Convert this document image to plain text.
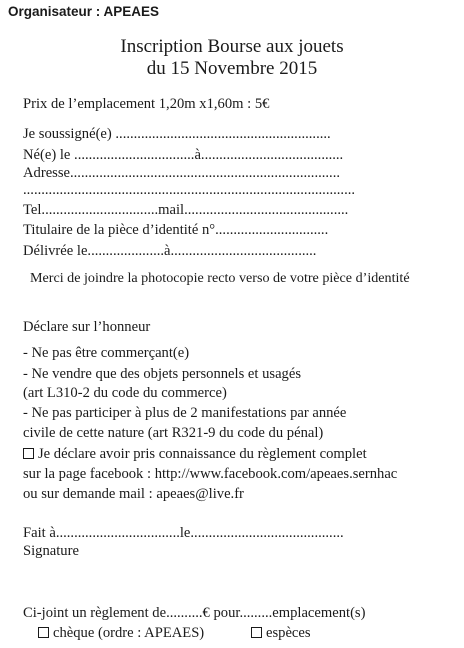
Organisateur : APEAES
Inscription Bourse aux jouets
du 15 Novembre 2015
Prix de l’emplacement 1,20m x1,60m : 5€
Je soussigné(e) ...........................................................
Né(e) le .................................à.......................................
Adresse..........................................................................
...........................................................................................
Tel................................mail.............................................
Titulaire de la pièce d’identité n°...............................
Délivrée le.....................à........................................
Merci de joindre la photocopie recto verso de votre pièce d’identité
Déclare sur l’honneur
- Ne pas être commerçant(e)
- Ne vendre que des objets personnels et usagés
(art L310-2 du code du commerce)
- Ne pas participer à plus de 2 manifestations par année
civile de cette nature (art R321-9 du code du pénal)
Je déclare avoir pris connaissance du règlement complet
sur la page facebook : http://www.facebook.com/apeaes.sernhac
ou sur demande mail : apeaes@live.fr
Fait à..................................le..........................................
Signature
Ci-joint un règlement de..........€ pour.........emplacement(s)
chèque (ordre : APEAES)	espèces
